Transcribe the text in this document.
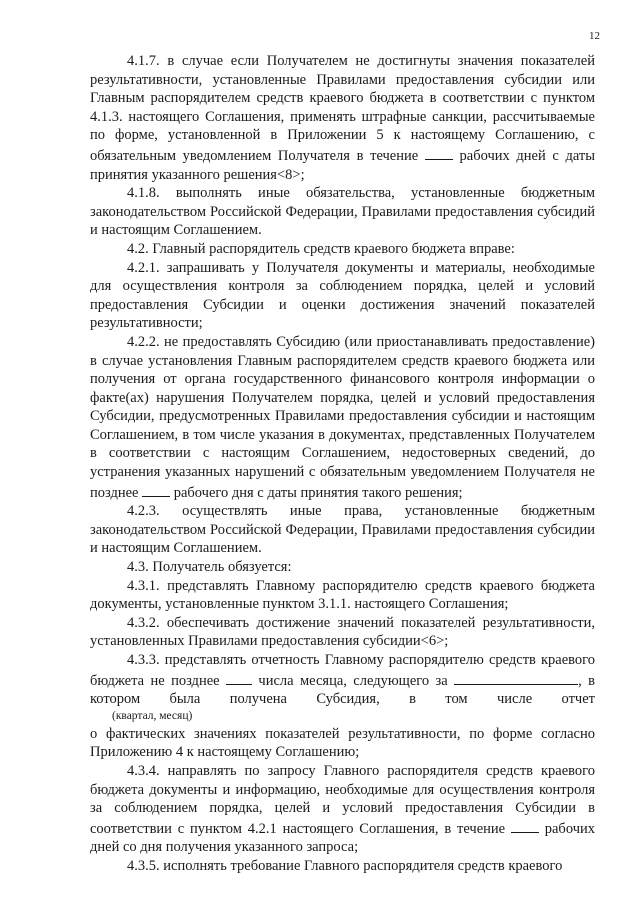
12

4.1.7. в случае если Получателем не достигнуты значения показателей результативности, установленные Правилами предоставления субсидии или Главным распорядителем средств краевого бюджета в соответствии с пунктом 4.1.3. настоящего Соглашения, применять штрафные санкции, рассчитываемые по форме, установленной в Приложении 5 к настоящему Соглашению, с обязательным уведомлением Получателя в течение	рабочих дней с даты принятия указанного решения<8>;

4.1.8. выполнять иные обязательства, установленные бюджетным законодательством Российской Федерации, Правилами предоставления субсидий и настоящим Соглашением.

4.2. Главный распорядитель средств краевого бюджета вправе:

4.2.1. запрашивать у Получателя документы и материалы, необходимые для осуществления контроля за соблюдением порядка, целей и условий предоставления Субсидии и оценки достижения значений показателей результативности;

4.2.2. не предоставлять Субсидию (или приостанавливать предоставление) в случае установления Главным распорядителем средств краевого бюджета или получения от органа государственного финансового контроля информации о факте(ах) нарушения Получателем порядка, целей и условий предоставления Субсидии, предусмотренных Правилами предоставления субсидии и настоящим Соглашением, в том числе указания в документах, представленных Получателем в соответствии с настоящим Соглашением, недостоверных сведений, до устранения указанных нарушений с обязательным уведомлением Получателя не позднее рабочего дня с даты принятия такого решения;

4.2.3. осуществлять иные права, установленные бюджетным законодательством Российской Федерации, Правилами предоставления субсидии и настоящим Соглашением.

4.3. Получатель обязуется:

4.3.1. представлять Главному распорядителю средств краевого бюджета документы, установленные пунктом 3.1.1. настоящего Соглашения;

4.3.2. обеспечивать достижение значений показателей результативности, установленных Правилами предоставления субсидии<6>;

4.3.3. представлять отчетность Главному распорядителю средств краевого бюджета не позднее	числа месяца, следующего за	, в котором была получена Субсидия, в том числе отчет

(квартал, месяц)

о фактических значениях показателей результативности, по форме согласно Приложению 4 к настоящему Соглашению;

4.3.4. направлять по запросу Главного распорядителя средств краевого бюджета документы и информацию, необходимые для осуществления контроля за соблюдением порядка, целей и условий предоставления Субсидии в соответствии с пунктом 4.2.1 настоящего Соглашения, в течение	рабочих дней со дня получения указанного запроса;

4.3.5. исполнять требование Главного распорядителя средств краевого
